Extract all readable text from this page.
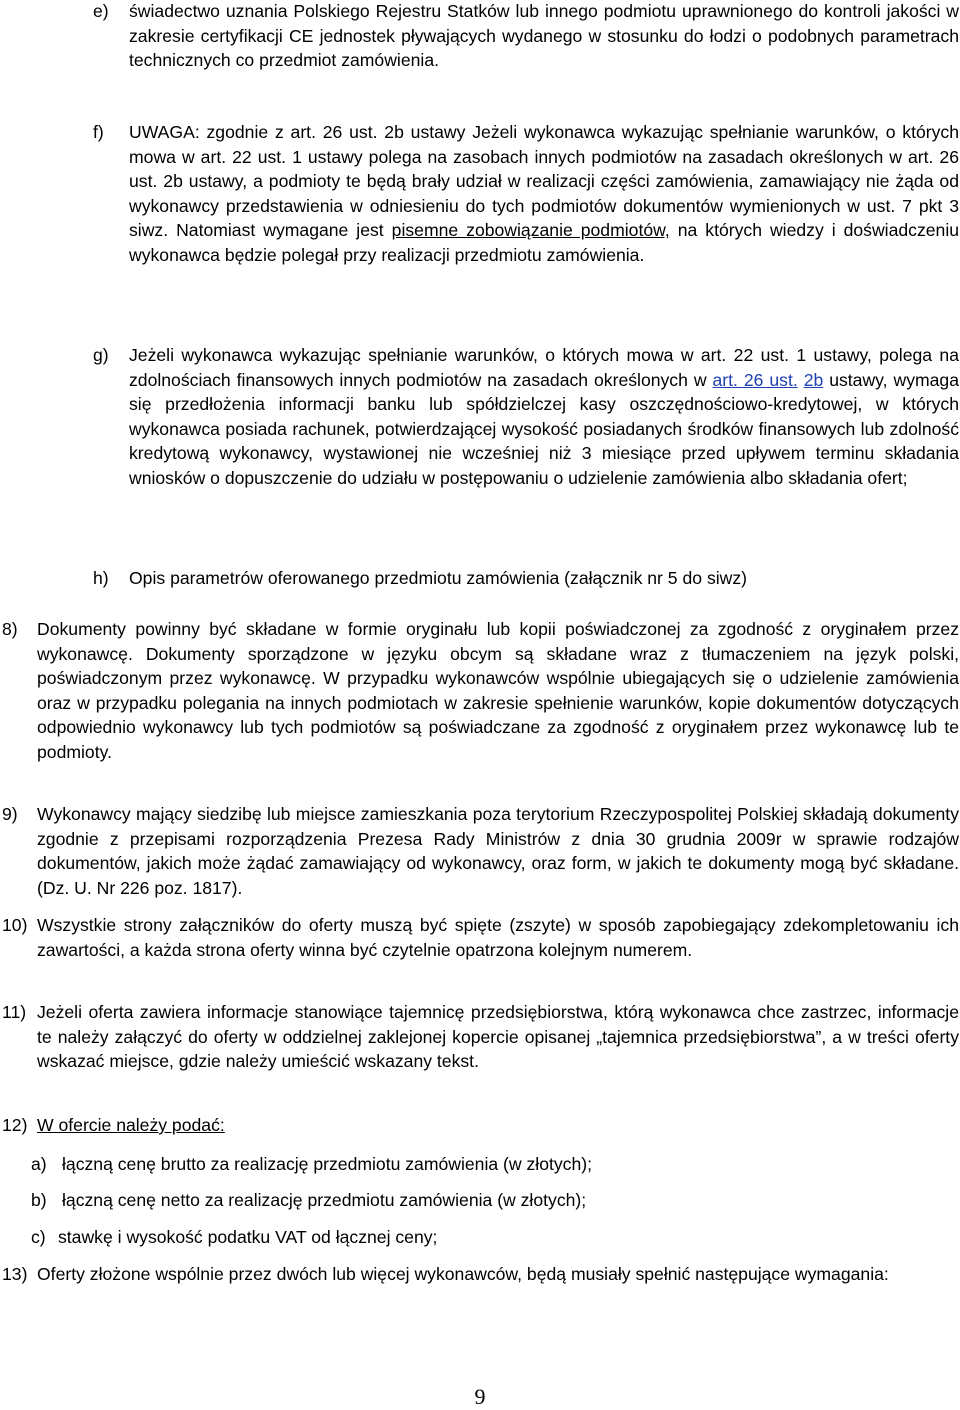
e) świadectwo uznania Polskiego Rejestru Statków lub innego podmiotu uprawnionego do kontroli jakości w zakresie certyfikacji CE jednostek pływających wydanego w stosunku do łodzi o podobnych parametrach technicznych co przedmiot zamówienia.
f) UWAGA: zgodnie z art. 26 ust. 2b ustawy Jeżeli wykonawca wykazując spełnianie warunków, o których mowa w art. 22 ust. 1 ustawy polega na zasobach innych podmiotów na zasadach określonych w art. 26 ust. 2b ustawy, a podmioty te będą brały udział w realizacji części zamówienia, zamawiający nie żąda od wykonawcy przedstawienia w odniesieniu do tych podmiotów dokumentów wymienionych w ust. 7 pkt 3 siwz. Natomiast wymagane jest pisemne zobowiązanie podmiotów, na których wiedzy i doświadczeniu wykonawca będzie polegał przy realizacji przedmiotu zamówienia.
g) Jeżeli wykonawca wykazując spełnianie warunków, o których mowa w art. 22 ust. 1 ustawy, polega na zdolnościach finansowych innych podmiotów na zasadach określonych w art. 26 ust. 2b ustawy, wymaga się przedłożenia informacji banku lub spółdzielczej kasy oszczędnościowo-kredytowej, w których wykonawca posiada rachunek, potwierdzającej wysokość posiadanych środków finansowych lub zdolność kredytową wykonawcy, wystawionej nie wcześniej niż 3 miesiące przed upływem terminu składania wniosków o dopuszczenie do udziału w postępowaniu o udzielenie zamówienia albo składania ofert;
h) Opis parametrów oferowanego przedmiotu zamówienia (załącznik nr 5 do siwz)
8) Dokumenty powinny być składane w formie oryginału lub kopii poświadczonej za zgodność z oryginałem przez wykonawcę. Dokumenty sporządzone w języku obcym są składane wraz z tłumaczeniem na język polski, poświadczonym przez wykonawcę. W przypadku wykonawców wspólnie ubiegających się o udzielenie zamówienia oraz w przypadku polegania na innych podmiotach w zakresie spełnienie warunków, kopie dokumentów dotyczących odpowiednio wykonawcy lub tych podmiotów są poświadczane za zgodność z oryginałem przez wykonawcę lub te podmioty.
9) Wykonawcy mający siedzibę lub miejsce zamieszkania poza terytorium Rzeczypospolitej Polskiej składają dokumenty zgodnie z przepisami rozporządzenia Prezesa Rady Ministrów z dnia 30 grudnia 2009r w sprawie rodzajów dokumentów, jakich może żądać zamawiający od wykonawcy, oraz form, w jakich te dokumenty mogą być składane. (Dz. U. Nr 226 poz. 1817).
10) Wszystkie strony załączników do oferty muszą być spięte (zszyte) w sposób zapobiegający zdekompletowaniu ich zawartości, a każda strona oferty winna być czytelnie opatrzona kolejnym numerem.
11) Jeżeli oferta zawiera informacje stanowiące tajemnicę przedsiębiorstwa, którą wykonawca chce zastrzec, informacje te należy załączyć do oferty w oddzielnej zaklejonej kopercie opisanej „tajemnica przedsiębiorstwa”, a w treści oferty wskazać miejsce, gdzie należy umieścić wskazany tekst.
12) W ofercie należy podać:
a) łączną cenę brutto za realizację przedmiotu zamówienia (w złotych);
b) łączną cenę netto za realizację przedmiotu zamówienia (w złotych);
c) stawkę i wysokość podatku VAT od łącznej ceny;
13) Oferty złożone wspólnie przez dwóch lub więcej wykonawców, będą musiały spełnić następujące wymagania:
9
